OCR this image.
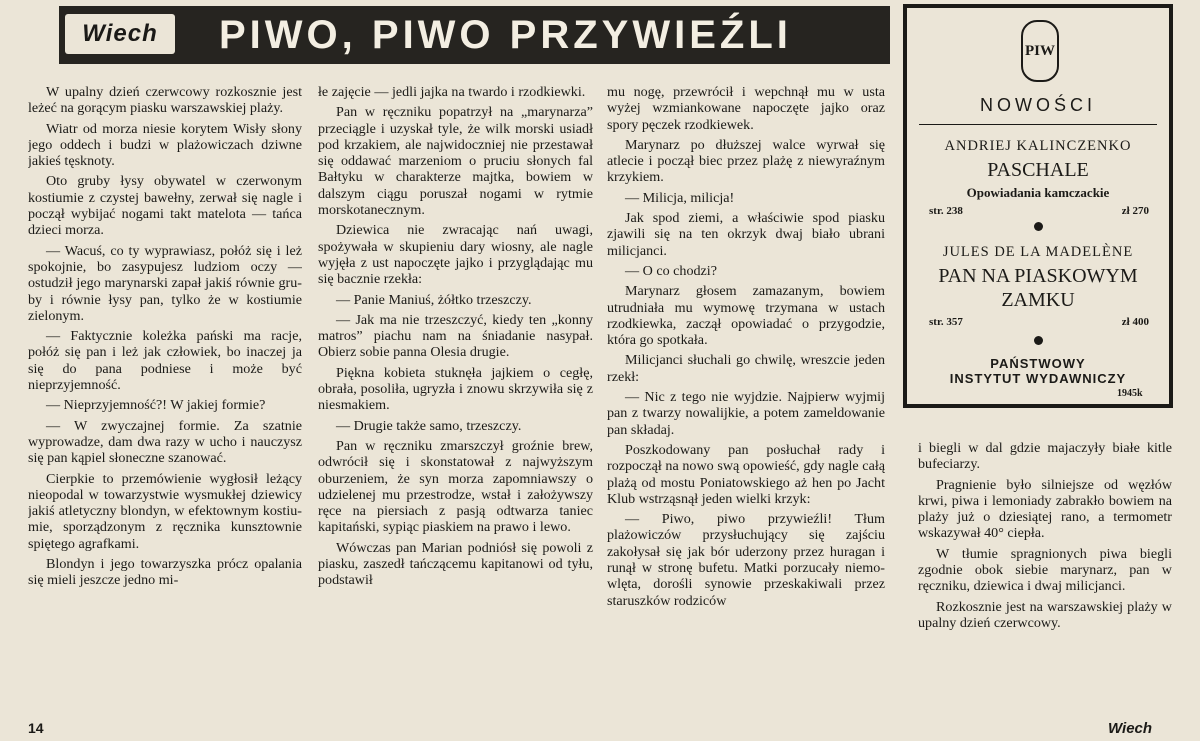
Wiech	PIWO, PIWO PRZYWIEŹLI

W upalny dzień czerwcowy rozkosznie jest leżeć na gorącym piasku warszawskiej plaży.

Wiatr od morza niesie korytem Wisły słony jego oddech i budzi w plażowiczach dziwne jakieś tęsknoty.

Oto gruby łysy obywatel w czerwonym kostiumie z czystej bawełny, zerwał się nagle i począł wybijać nogami takt matelota — tańca dzieci morza.

— Wacuś, co ty wyprawiasz, połóż się i leż spokojnie, bo zasypujesz ludziom oczy — ostudził jego marynarski zapał jakiś równie gruby i równie łysy pan, tylko że w kostiumie zielonym.

— Faktycznie koleżka pański ma racje, połóż się pan i leż jak człowiek, bo inaczej ja się do pana podniese i może być nieprzyjemność.

— Nieprzyjemność?! W jakiej formie?

— W zwyczajnej formie. Za szatnie wyprowadze, dam dwa razy w ucho i nauczysz się pan kąpiel słoneczne szanować.

Cierpkie to przemówienie wygłosił leżący nieopodal w towarzystwie wysmukłej dziewicy jakiś atletyczny blondyn, w efektownym kostiumie, sporządzonym z ręcznika kunsztownie spiętego agrafkami.

Blondyn i jego towarzyszka prócz opalania się mieli jeszcze jedno mi-

łe zajęcie — jedli jajka na twardo i rzodkiewki.

Pan w ręczniku popatrzył na „marynarza” przeciągle i uzyskał tyle, że wilk morski usiadł pod krzakiem, ale najwidoczniej nie przestawał się oddawać marzeniom o pruciu słonych fal Bałtyku w charakterze majtka, bowiem w dalszym ciągu poruszał nogami w rytmie morskotanecznym.

Dziewica nie zwracając nań uwagi, spożywała w skupieniu dary wiosny, ale nagle wyjęła z ust napoczęte jajko i przyglądając mu się bacznie rzekła:

— Panie Maniuś, żółtko trzeszczy.

— Jak ma nie trzeszczyć, kiedy ten „konny matros” piachu nam na śniadanie nasypał. Obierz sobie panna Olesia drugie.

Piękna kobieta stuknęła jajkiem o cegłę, obrała, posoliła, ugryzła i znowu skrzywiła się z niesmakiem.

— Drugie także samo, trzeszczy.

Pan w ręczniku zmarszczył groźnie brew, odwrócił się i skonstatował z najwyższym oburzeniem, że syn morza zapomniawszy o udzielenej mu przestrodze, wstał i założywszy ręce na piersiach z pasją odtwarza taniec kapitański, sypiąc piaskiem na prawo i lewo.

Wówczas pan Marian podniósł się powoli z piasku, zaszedł tańczącemu kapitanowi od tyłu, podstawił

mu nogę, przewrócił i wepchnął mu w usta wyżej wzmiankowane napoczęte jajko oraz spory pęczek rzodkiewek.

Marynarz po dłuższej walce wyrwał się atlecie i począł biec przez plażę z niewyraźnym krzykiem.

— Milicja, milicja!

Jak spod ziemi, a właściwie spod piasku zjawili się na ten okrzyk dwaj biało ubrani milicjanci.

— O co chodzi?

Marynarz głosem zamazanym, bowiem utrudniała mu wymowę trzymana w ustach rzodkiewka, zaczął opowiadać o przygodzie, która go spotkała.

Milicjanci słuchali go chwilę, wreszcie jeden rzekł:

— Nic z tego nie wyjdzie. Najpierw wyjmij pan z twarzy nowalijkie, a potem zameldowanie pan składaj.

Poszkodowany pan posłuchał rady i rozpoczął na nowo swą opowieść, gdy nagle całą plażą od mostu Poniatowskiego aż hen po Jacht Klub wstrząsnął jeden wielki krzyk:

— Piwo, piwo przywieźli! Tłum plażowiczów przysłuchujący się zajściu zakołysał się jak bór uderzony przez huragan i runął w stronę bufetu. Matki porzucały niemowlęta, dorośli synowie przeskakiwali przez staruszków rodziców

i biegli w dal gdzie majaczyły białe kitle bufeciarzy.

Pragnienie było silniejsze od węzłów krwi, piwa i lemoniady zabrakło bowiem na plaży już o dziesiątej rano, a termometr wskazywał 40° ciepła.

W tłumie spragnionych piwa biegli zgodnie obok siebie marynarz, pan w ręczniku, dziewica i dwaj milicjanci.

Rozkosznie jest na warszawskiej plaży w upalny dzień czerwcowy.

Wiech
14
PIW
NOWOŚCI
ANDRIEJ KALINCZENKO
PASCHALE
Opowiadania kamczackie
str. 238	zł 270
JULES DE LA MADELÈNE
PAN NA PIASKOWYM
ZAMKU
str. 357	zł 400
PAŃSTWOWY
INSTYTUT WYDAWNICZY
1945k
